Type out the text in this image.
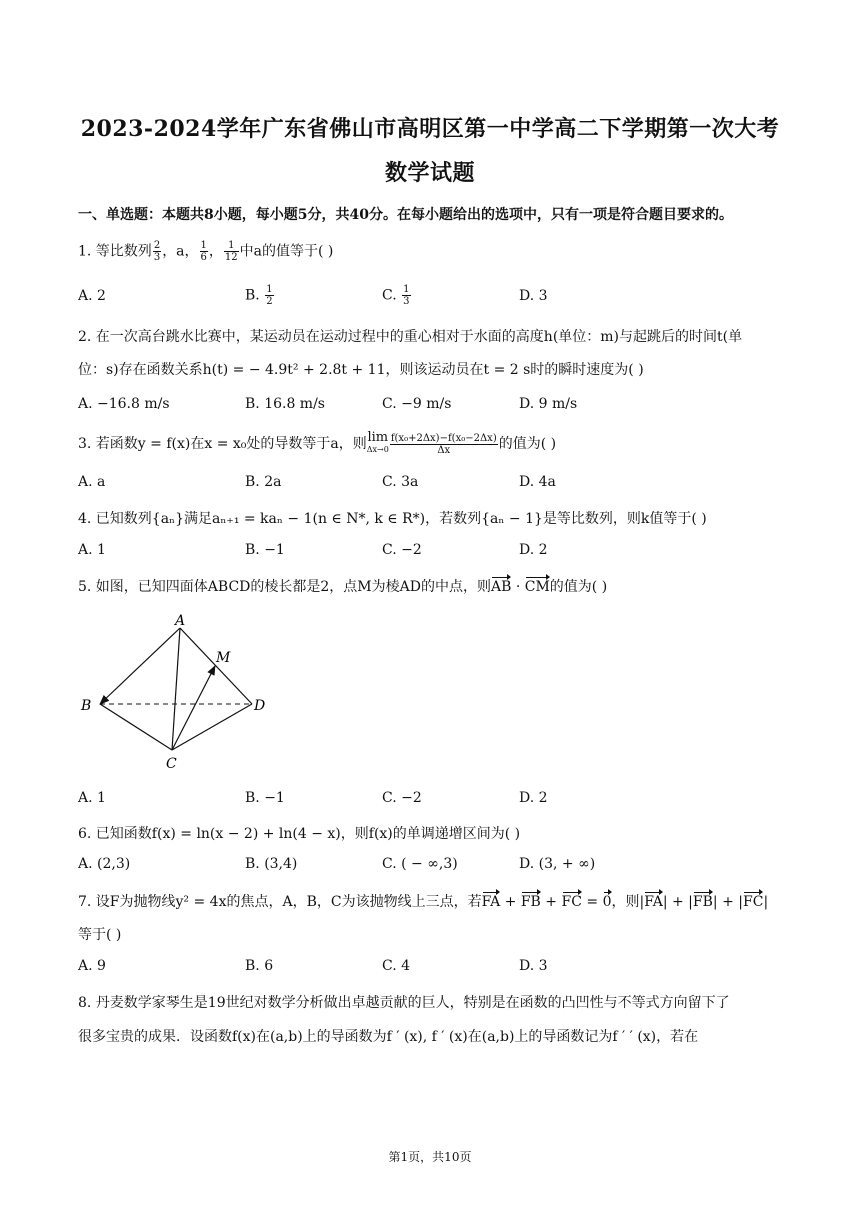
2023-2024学年广东省佛山市高明区第一中学高二下学期第一次大考
数学试题
一、单选题：本题共8小题，每小题5分，共40分。在每小题给出的选项中，只有一项是符合题目要求的。
1. 等比数列 $\frac{2}{3}$ ，a， $\frac{1}{6}$ ， $\frac{1}{12}$ 中a的值等于( )
A. 2	B. $\frac{1}{2}$	C. $\frac{1}{3}$	D. 3
2. 在一次高台跳水比赛中，某运动员在运动过程中的重心相对于水面的高度h(单位：m)与起跳后的时间t(单
位：s)存在函数关系h(t) = − 4.9t² + 2.8t + 11，则该运动员在t = 2 s时的瞬时速度为( )
A. −16.8 m/s	B. 16.8 m/s	C. −9 m/s	D. 9 m/s
3. 若函数y = f(x)在x = x₀处的导数等于a，则lim
$\Delta x\to 0 \frac{\text{f(x₀+2Δx)−f(x₀−2Δx)}}{\Delta x}$ 的值为( )
A. a	B. 2a	C. 3a	D. 4a
4. 已知数列{aₙ}满足aₙ₊₁ = kaₙ − 1(n ∈ N*, k ∈ R*)，若数列{aₙ − 1}是等比数列，则k值等于( )
A. 1	B. −1	C. −2	D. 2
5. 如图，已知四面体ABCD的棱长都是2，点M为棱AD的中点，则AB · CM的值为( )
A
B
C
D
M
A. 1	B. −1	C. −2	D. 2
6. 已知函数f(x) = ln(x − 2) + ln(4 − x)，则f(x)的单调递增区间为( )
A. (2,3)	B. (3,4)	C. ( − ∞,3)	D. (3, + ∞)
7. 设F为抛物线y² = 4x的焦点，A，B，C为该抛物线上三点，若FA + FB + FC = 0，则|FA| + |FB| + |FC|
等于( )
A. 9	B. 6	C. 4	D. 3
8. 丹麦数学家琴生是19世纪对数学分析做出卓越贡献的巨人，特别是在函数的凸凹性与不等式方向留下了
很多宝贵的成果．设函数f(x)在(a,b)上的导函数为f ′ (x), f ′ (x)在(a,b)上的导函数记为f ′ ′ (x)，若在
第1页，共10页
